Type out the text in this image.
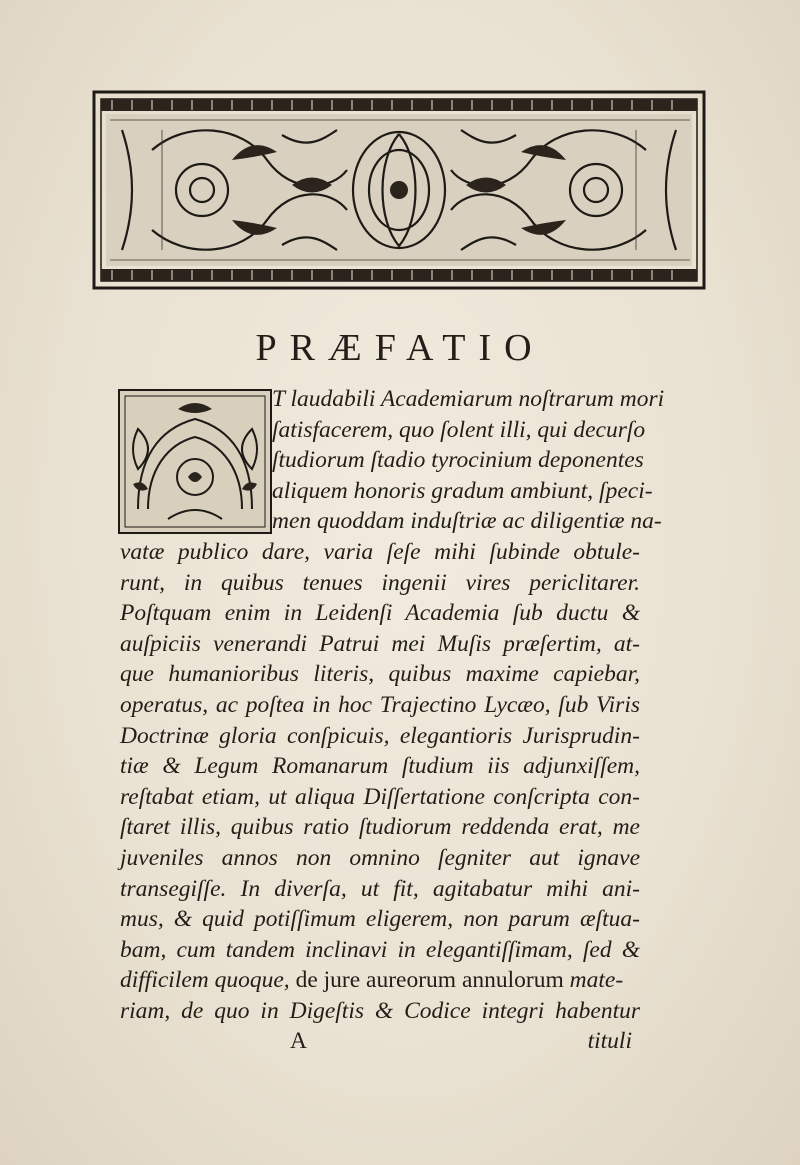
PRÆFATIO
T laudabili Academiarum noſtrarum mori
ſatisfacerem, quo ſolent illi, qui decurſo
ſtudiorum ſtadio tyrocinium deponentes
aliquem honoris gradum ambiunt, ſpeci-
men quoddam induſtriæ ac diligentiæ na-
vatæ publico dare, varia ſeſe mihi ſubinde obtule-
runt, in quibus tenues ingenii vires periclitarer.
Poſtquam enim in Leidenſi Academia ſub ductu &
auſpiciis venerandi Patrui mei Muſis præſertim, at-
que humanioribus literis, quibus maxime capiebar,
operatus, ac poſtea in hoc Trajectino Lycæo, ſub Viris
Doctrinæ gloria conſpicuis, elegantioris Jurisprudin-
tiæ & Legum Romanarum ſtudium iis adjunxiſſem,
reſtabat etiam, ut aliqua Diſſertatione conſcripta con-
ſtaret illis, quibus ratio ſtudiorum reddenda erat, me
juveniles annos non omnino ſegniter aut ignave
transegiſſe. In diverſa, ut fit, agitabatur mihi ani-
mus, & quid potiſſimum eligerem, non parum æſtua-
bam, cum tandem inclinavi in elegantiſſimam, ſed &
difficilem quoque, de jure aureorum annulorum mate-
riam, de quo in Digeſtis & Codice integri habentur
A	tituli
